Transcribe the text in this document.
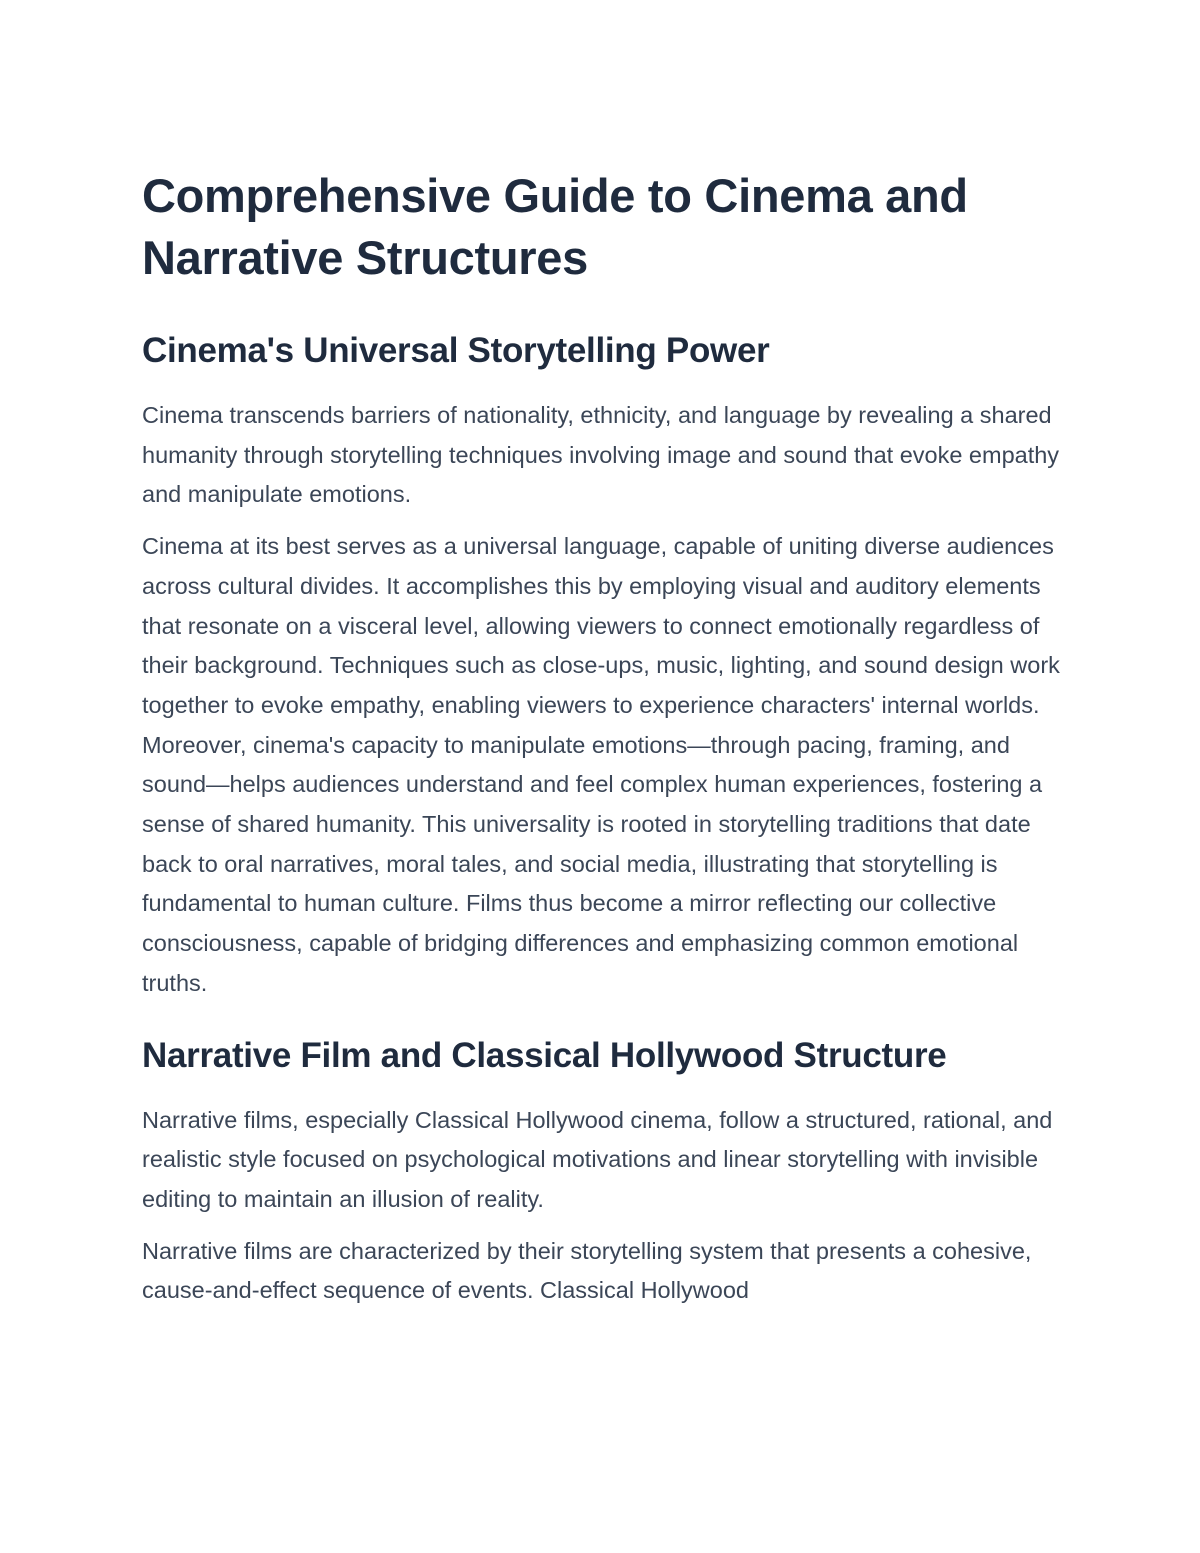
Comprehensive Guide to Cinema and Narrative Structures
Cinema's Universal Storytelling Power

Cinema transcends barriers of nationality, ethnicity, and language by revealing a shared humanity through storytelling techniques involving image and sound that evoke empathy and manipulate emotions.

Cinema at its best serves as a universal language, capable of uniting diverse audiences across cultural divides. It accomplishes this by employing visual and auditory elements that resonate on a visceral level, allowing viewers to connect emotionally regardless of their background. Techniques such as close-ups, music, lighting, and sound design work together to evoke empathy, enabling viewers to experience characters' internal worlds. Moreover, cinema's capacity to manipulate emotions—through pacing, framing, and sound—helps audiences understand and feel complex human experiences, fostering a sense of shared humanity. This universality is rooted in storytelling traditions that date back to oral narratives, moral tales, and social media, illustrating that storytelling is fundamental to human culture. Films thus become a mirror reflecting our collective consciousness, capable of bridging differences and emphasizing common emotional truths.

Narrative Film and Classical Hollywood Structure

Narrative films, especially Classical Hollywood cinema, follow a structured, rational, and realistic style focused on psychological motivations and linear storytelling with invisible editing to maintain an illusion of reality.

Narrative films are characterized by their storytelling system that presents a cohesive, cause-and-effect sequence of events. Classical Hollywood
